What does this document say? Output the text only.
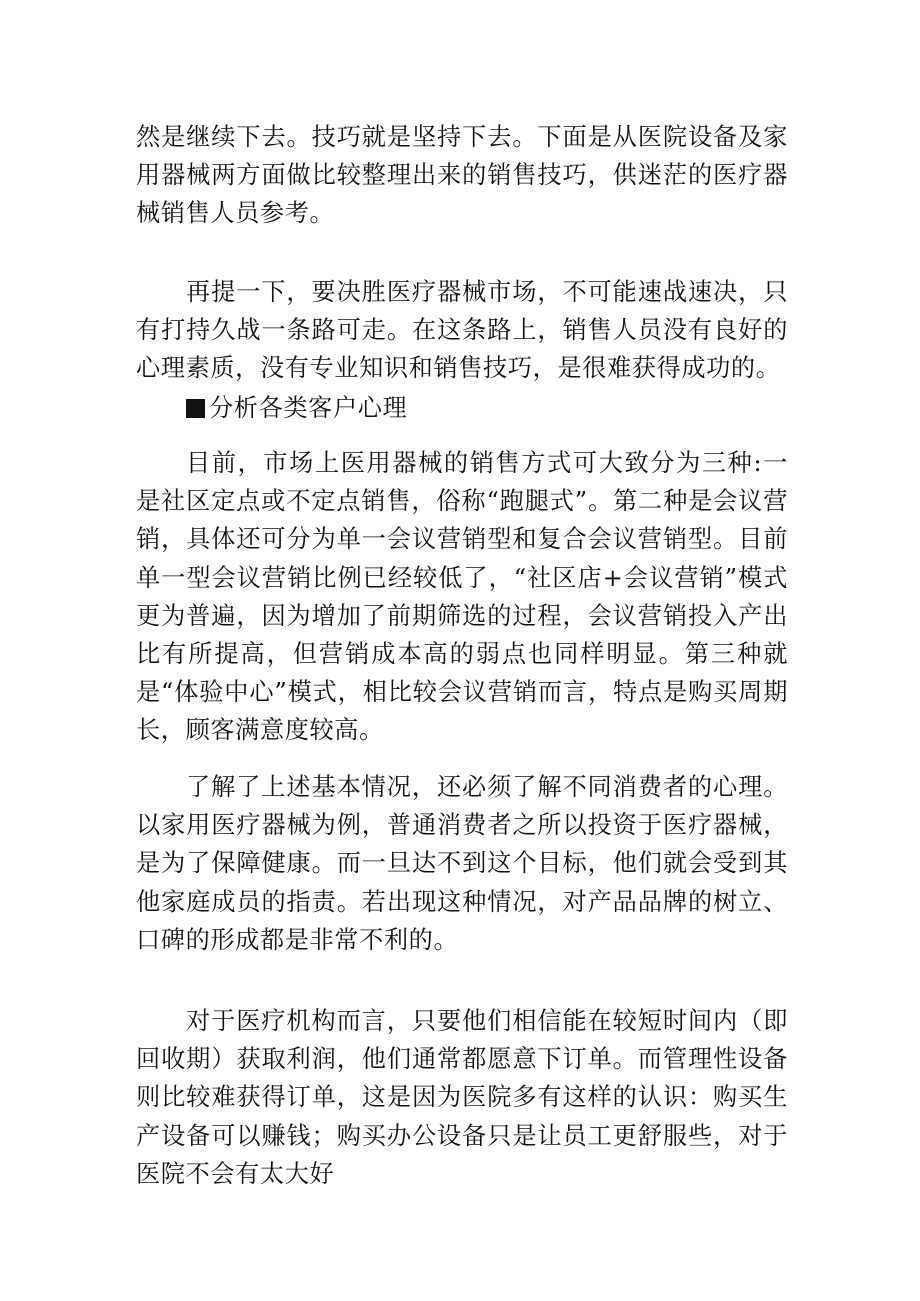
然是继续下去。技巧就是坚持下去。下面是从医院设备及家用器械两方面做比较整理出来的销售技巧，供迷茫的医疗器械销售人员参考。

再提一下，要决胜医疗器械市场，不可能速战速决，只有打持久战一条路可走。在这条路上，销售人员没有良好的心理素质，没有专业知识和销售技巧，是很难获得成功的。

分析各类客户心理

目前，市场上医用器械的销售方式可大致分为三种:一是社区定点或不定点销售，俗称“跑腿式”。第二种是会议营销，具体还可分为单一会议营销型和复合会议营销型。目前单一型会议营销比例已经较低了，“社区店+会议营销”模式更为普遍，因为增加了前期筛选的过程，会议营销投入产出比有所提高，但营销成本高的弱点也同样明显。第三种就是“体验中心”模式，相比较会议营销而言，特点是购买周期长，顾客满意度较高。

了解了上述基本情况，还必须了解不同消费者的心理。以家用医疗器械为例，普通消费者之所以投资于医疗器械，是为了保障健康。而一旦达不到这个目标，他们就会受到其他家庭成员的指责。若出现这种情况，对产品品牌的树立、口碑的形成都是非常不利的。

对于医疗机构而言，只要他们相信能在较短时间内（即回收期）获取利润，他们通常都愿意下订单。而管理性设备则比较难获得订单，这是因为医院多有这样的认识：购买生产设备可以赚钱；购买办公设备只是让员工更舒服些，对于医院不会有太大好
